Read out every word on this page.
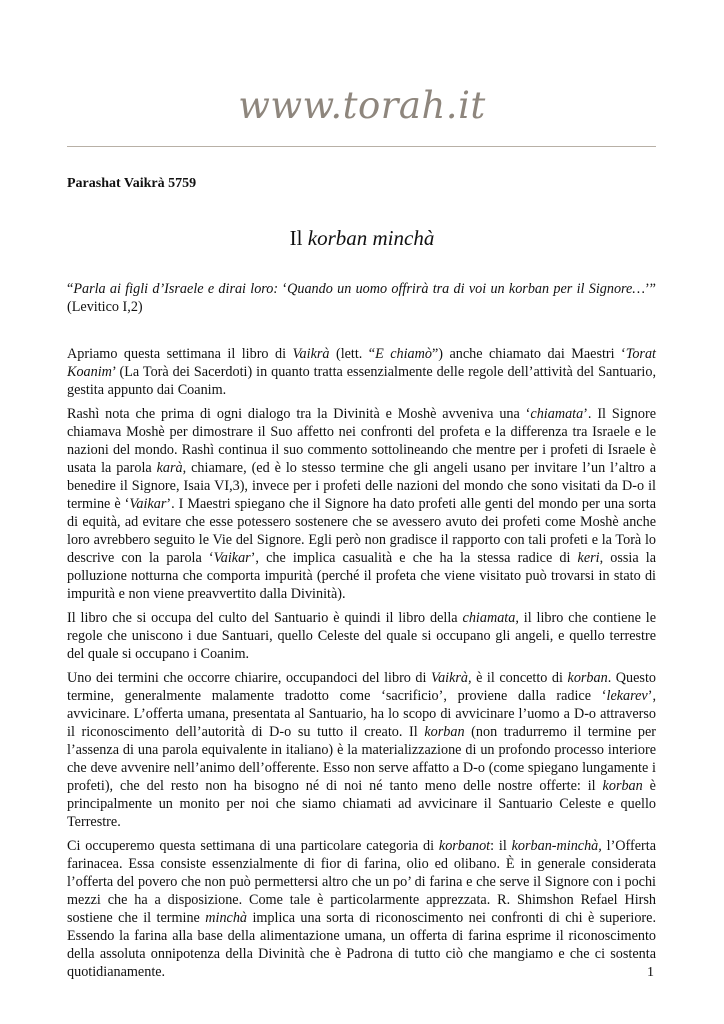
www.torah.it
Parashat Vaikrà 5759
Il korban minchà
“Parla ai figli d’Israele e dirai loro: ‘Quando un uomo offrirà tra di voi un korban per il Signore…’” (Levitico I,2)

Apriamo questa settimana il libro di Vaikrà (lett. “E chiamò”) anche chiamato dai Maestri ‘Torat Koanim’ (La Torà dei Sacerdoti) in quanto tratta essenzialmente delle regole dell’attività del Santuario, gestita appunto dai Coanim.

Rashì nota che prima di ogni dialogo tra la Divinità e Moshè avveniva una ‘chiamata’. Il Signore chiamava Moshè per dimostrare il Suo affetto nei confronti del profeta e la differenza tra Israele e le nazioni del mondo. Rashì continua il suo commento sottolineando che mentre per i profeti di Israele è usata la parola karà, chiamare, (ed è lo stesso termine che gli angeli usano per invitare l’un l’altro a benedire il Signore, Isaia VI,3), invece per i profeti delle nazioni del mondo che sono visitati da D-o il termine è ‘Vaikar’. I Maestri spiegano che il Signore ha dato profeti alle genti del mondo per una sorta di equità, ad evitare che esse potessero sostenere che se avessero avuto dei profeti come Moshè anche loro avrebbero seguito le Vie del Signore. Egli però non gradisce il rapporto con tali profeti e la Torà lo descrive con la parola ‘Vaikar’, che implica casualità e che ha la stessa radice di keri, ossia la polluzione notturna che comporta impurità (perché il profeta che viene visitato può trovarsi in stato di impurità e non viene preavvertito dalla Divinità).

Il libro che si occupa del culto del Santuario è quindi il libro della chiamata, il libro che contiene le regole che uniscono i due Santuari, quello Celeste del quale si occupano gli angeli, e quello terrestre del quale si occupano i Coanim.

Uno dei termini che occorre chiarire, occupandoci del libro di Vaikrà, è il concetto di korban. Questo termine, generalmente malamente tradotto come ‘sacrificio’, proviene dalla radice ‘lekarev’, avvicinare. L’offerta umana, presentata al Santuario, ha lo scopo di avvicinare l’uomo a D-o attraverso il riconoscimento dell’autorità di D-o su tutto il creato. Il korban (non tradurremo il termine per l’assenza di una parola equivalente in italiano) è la materializzazione di un profondo processo interiore che deve avvenire nell’animo dell’offerente. Esso non serve affatto a D-o (come spiegano lungamente i profeti), che del resto non ha bisogno né di noi né tanto meno delle nostre offerte: il korban è principalmente un monito per noi che siamo chiamati ad avvicinare il Santuario Celeste e quello Terrestre.

Ci occuperemo questa settimana di una particolare categoria di korbanot: il korban-minchà, l’Offerta farinacea. Essa consiste essenzialmente di fior di farina, olio ed olibano. È in generale considerata l’offerta del povero che non può permettersi altro che un po’ di farina e che serve il Signore con i pochi mezzi che ha a disposizione. Come tale è particolarmente apprezzata. R. Shimshon Refael Hirsh sostiene che il termine minchà implica una sorta di riconoscimento nei confronti di chi è superiore. Essendo la farina alla base della alimentazione umana, un offerta di farina esprime il riconoscimento della assoluta onnipotenza della Divinità che è Padrona di tutto ciò che mangiamo e che ci sostenta quotidianamente.	1
